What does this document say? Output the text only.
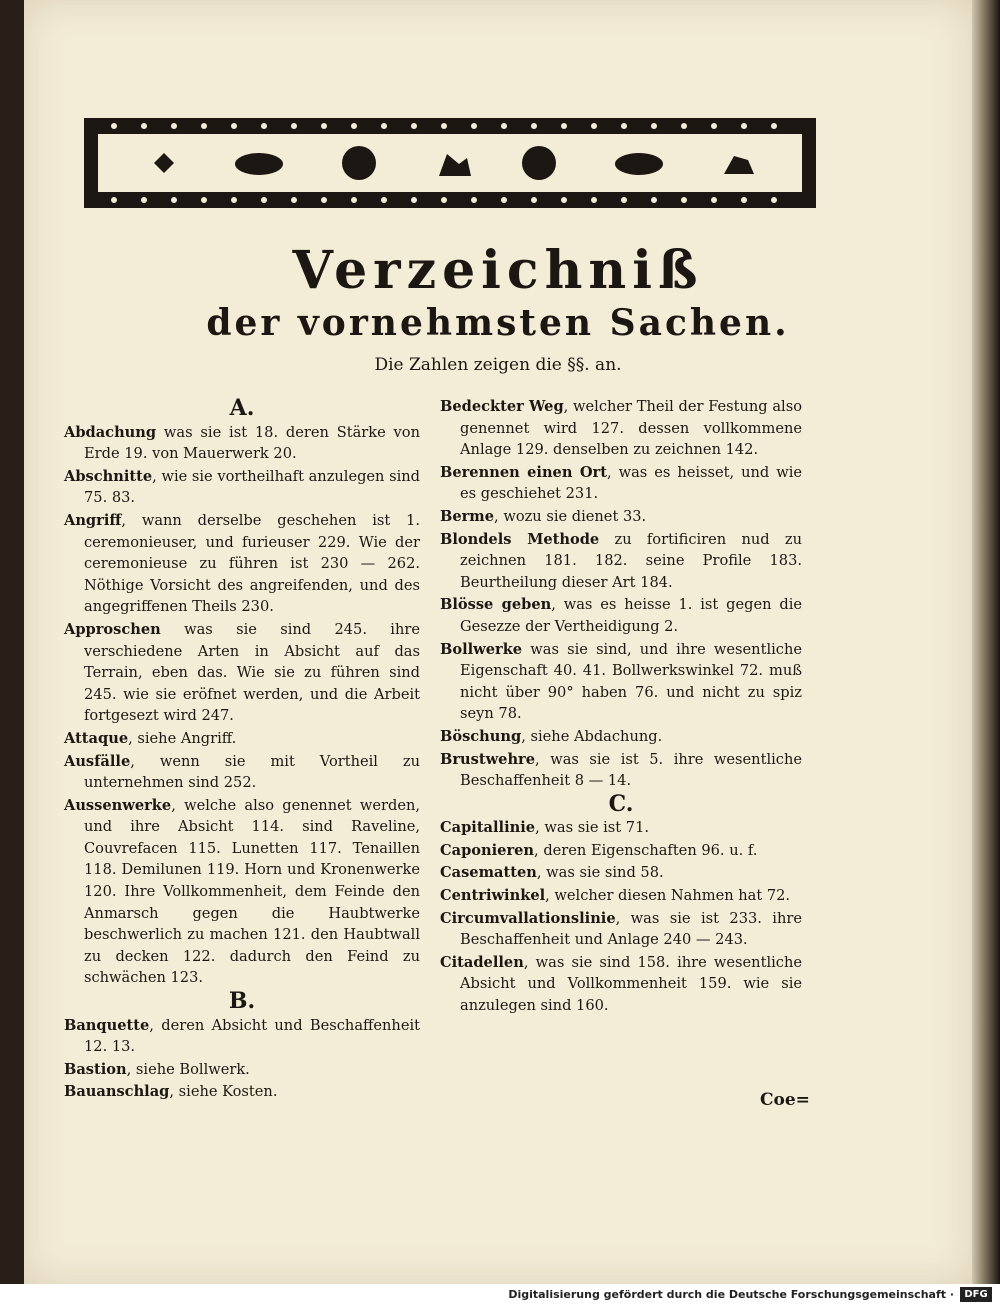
Verzeichniß
der vornehmsten Sachen.
Die Zahlen zeigen die §§. an.
A.
Abdachung was sie ist 18. deren Stärke von Erde 19. von Mauerwerk 20.
Abschnitte, wie sie vortheilhaft anzulegen sind 75. 83.
Angriff, wann derselbe geschehen ist 1. ceremonieuser, und furieuser 229. Wie der ceremonieuse zu führen ist 230 — 262. Nöthige Vorsicht des angreifenden, und des angegriffenen Theils 230.
Approschen was sie sind 245. ihre verschiedene Arten in Absicht auf das Terrain, eben das. Wie sie zu führen sind 245. wie sie eröfnet werden, und die Arbeit fortgesezt wird 247.
Attaque, siehe Angriff.
Ausfälle, wenn sie mit Vortheil zu unternehmen sind 252.
Aussenwerke, welche also genennet werden, und ihre Absicht 114. sind Raveline, Couvrefacen 115. Lunetten 117. Tenaillen 118. Demilunen 119. Horn und Kronenwerke 120. Ihre Vollkommenheit, dem Feinde den Anmarsch gegen die Haubtwerke beschwerlich zu machen 121. den Haubtwall zu decken 122. dadurch den Feind zu schwächen 123.
B.
Banquette, deren Absicht und Beschaffenheit 12. 13.
Bastion, siehe Bollwerk.
Bauanschlag, siehe Kosten.
Bedeckter Weg, welcher Theil der Festung also genennet wird 127. dessen vollkommene Anlage 129. denselben zu zeichnen 142.
Berennen einen Ort, was es heisset, und wie es geschiehet 231.
Berme, wozu sie dienet 33.
Blondels Methode zu fortificiren nud zu zeichnen 181. 182. seine Profile 183. Beurtheilung dieser Art 184.
Blösse geben, was es heisse 1. ist gegen die Gesezze der Vertheidigung 2.
Bollwerke was sie sind, und ihre wesentliche Eigenschaft 40. 41. Bollwerkswinkel 72. muß nicht über 90° haben 76. und nicht zu spiz seyn 78.
Böschung, siehe Abdachung.
Brustwehre, was sie ist 5. ihre wesentliche Beschaffenheit 8 — 14.
C.
Capitallinie, was sie ist 71.
Caponieren, deren Eigenschaften 96. u. f.
Casematten, was sie sind 58.
Centriwinkel, welcher diesen Nahmen hat 72.
Circumvallationslinie, was sie ist 233. ihre Beschaffenheit und Anlage 240 — 243.
Citadellen, was sie sind 158. ihre wesentliche Absicht und Vollkommenheit 159. wie sie anzulegen sind 160.
Coe=
Digitalisierung gefördert durch die Deutsche Forschungsgemeinschaft ·	DFG
